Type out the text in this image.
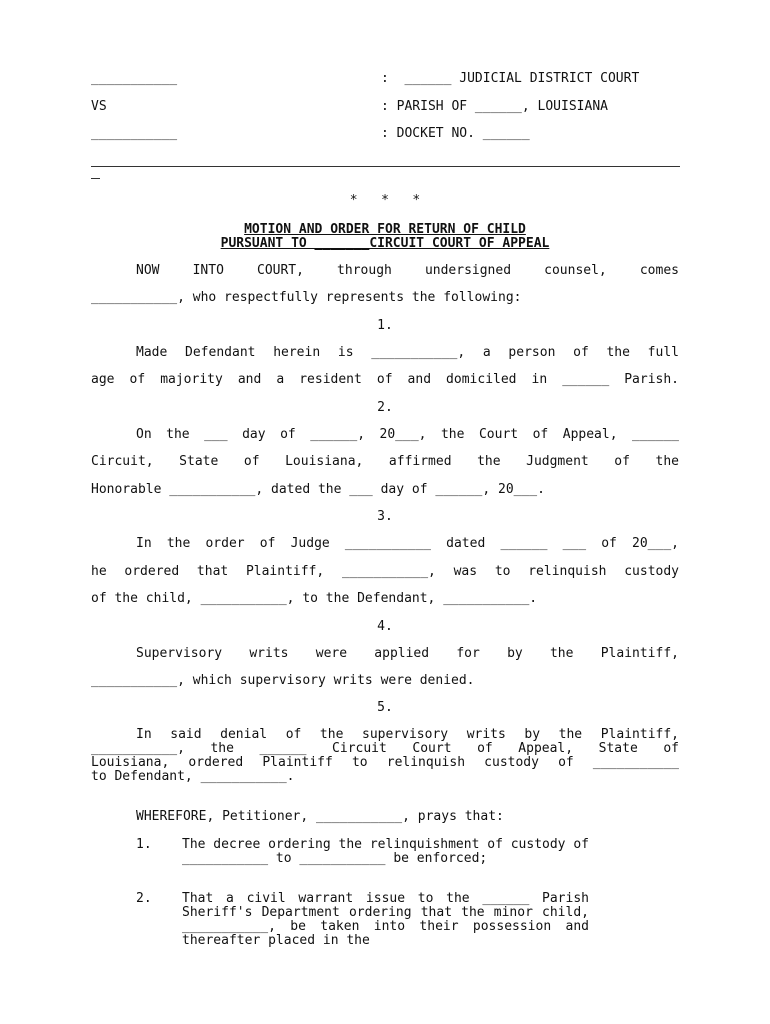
___________	:  ______ JUDICIAL DISTRICT COURT
VS	: PARISH OF ______, LOUISIANA
___________	: DOCKET NO. ______
*   *   *
MOTION AND ORDER FOR RETURN OF CHILD
PURSUANT TO _______CIRCUIT COURT OF APPEAL
NOW INTO COURT, through undersigned counsel, comes
___________, who respectfully represents the following:
1.
Made Defendant herein is ___________, a person of the full
age of majority and a resident of and domiciled in ______ Parish.
2.
On the ___ day of ______, 20___, the Court of Appeal, ______
Circuit, State of Louisiana, affirmed the Judgment of the
Honorable ___________, dated the ___ day of ______, 20___.
3.
In the order of Judge ___________ dated ______ ___ of 20___,
he ordered that Plaintiff, ___________, was to relinquish custody
of the child, ___________, to the Defendant, ___________.
4.
Supervisory writs were applied for by the Plaintiff,
___________, which supervisory writs were denied.
5.
In said denial of the supervisory writs by the Plaintiff,
___________, the ______ Circuit Court of Appeal, State of
Louisiana, ordered Plaintiff to relinquish custody of ___________
to Defendant, ___________.
WHEREFORE, Petitioner, ___________, prays that:
1. The decree ordering the relinquishment of custody of ___________ to ___________ be enforced;
2. That a civil warrant issue to the ______ Parish Sheriff's Department ordering that the minor child, ___________, be taken into their possession and thereafter placed in the
